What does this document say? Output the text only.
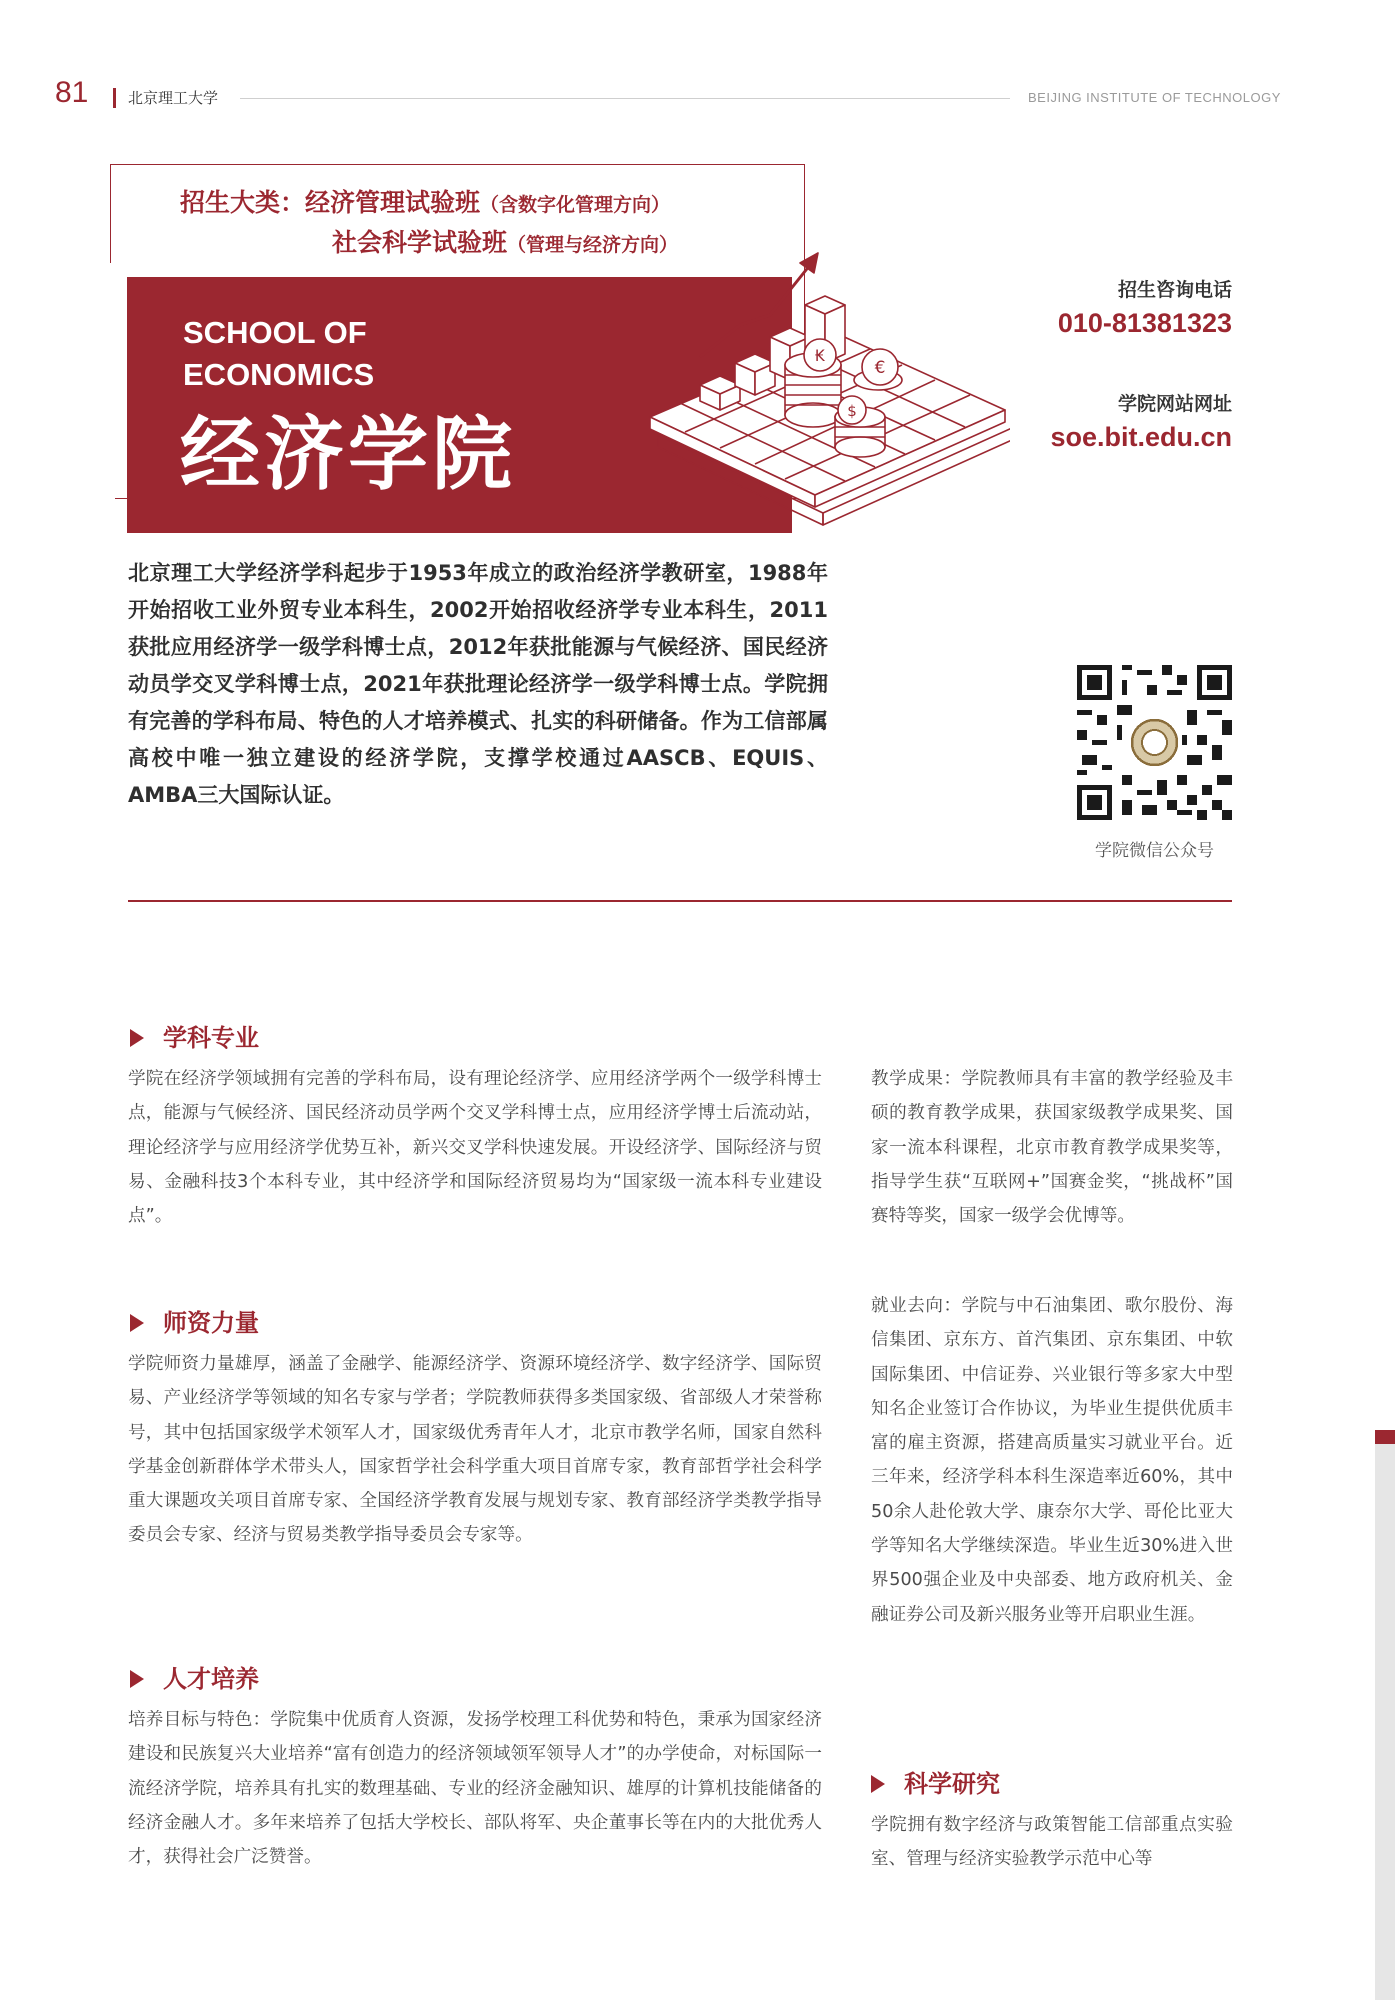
81	北京理工大学	BEIJING INSTITUTE OF TECHNOLOGY
招生大类：经济管理试验班（含数字化管理方向）
社会科学试验班（管理与经济方向）
SCHOOL OF
ECONOMICS
经济学院
₭
€
$
招生咨询电话
010-81381323
学院网站网址
soe.bit.edu.cn
北京理工大学经济学科起步于1953年成立的政治经济学教研室，1988年开始招收工业外贸专业本科生，2002开始招收经济学专业本科生，2011获批应用经济学一级学科博士点，2012年获批能源与气候经济、国民经济动员学交叉学科博士点，2021年获批理论经济学一级学科博士点。学院拥有完善的学科布局、特色的人才培养模式、扎实的科研储备。作为工信部属高校中唯一独立建设的经济学院，支撑学校通过AASCB、EQUIS、AMBA三大国际认证。
学院微信公众号
学科专业
学院在经济学领域拥有完善的学科布局，设有理论经济学、应用经济学两个一级学科博士点，能源与气候经济、国民经济动员学两个交叉学科博士点，应用经济学博士后流动站，理论经济学与应用经济学优势互补，新兴交叉学科快速发展。开设经济学、国际经济与贸易、金融科技3个本科专业，其中经济学和国际经济贸易均为“国家级一流本科专业建设点”。
师资力量
学院师资力量雄厚，涵盖了金融学、能源经济学、资源环境经济学、数字经济学、国际贸易、产业经济学等领域的知名专家与学者；学院教师获得多类国家级、省部级人才荣誉称号，其中包括国家级学术领军人才，国家级优秀青年人才，北京市教学名师，国家自然科学基金创新群体学术带头人，国家哲学社会科学重大项目首席专家，教育部哲学社会科学重大课题攻关项目首席专家、全国经济学教育发展与规划专家、教育部经济学类教学指导委员会专家、经济与贸易类教学指导委员会专家等。
人才培养
培养目标与特色：学院集中优质育人资源，发扬学校理工科优势和特色，秉承为国家经济建设和民族复兴大业培养“富有创造力的经济领域领军领导人才”的办学使命，对标国际一流经济学院，培养具有扎实的数理基础、专业的经济金融知识、雄厚的计算机技能储备的经济金融人才。多年来培养了包括大学校长、部队将军、央企董事长等在内的大批优秀人才，获得社会广泛赞誉。
教学成果：学院教师具有丰富的教学经验及丰硕的教育教学成果，获国家级教学成果奖、国家一流本科课程，北京市教育教学成果奖等，指导学生获“互联网+”国赛金奖，“挑战杯”国赛特等奖，国家一级学会优博等。
就业去向：学院与中石油集团、歌尔股份、海信集团、京东方、首汽集团、京东集团、中软国际集团、中信证券、兴业银行等多家大中型知名企业签订合作协议，为毕业生提供优质丰富的雇主资源，搭建高质量实习就业平台。近三年来，经济学科本科生深造率近60%，其中50余人赴伦敦大学、康奈尔大学、哥伦比亚大学等知名大学继续深造。毕业生近30%进入世界500强企业及中央部委、地方政府机关、金融证券公司及新兴服务业等开启职业生涯。
科学研究
学院拥有数字经济与政策智能工信部重点实验室、管理与经济实验教学示范中心等
